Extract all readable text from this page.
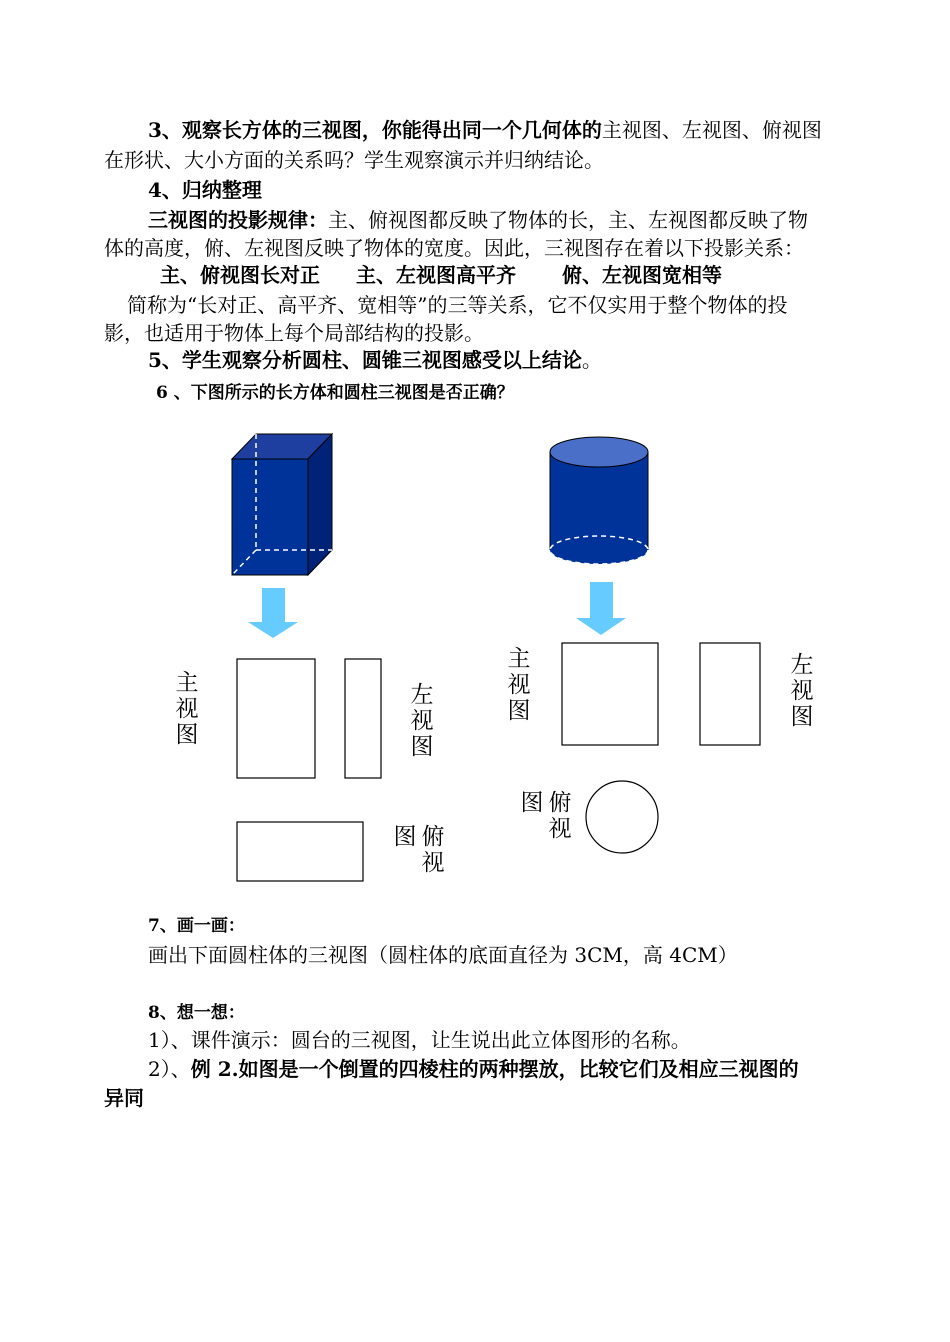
3、观察长方体的三视图，你能得出同一个几何体的主视图、左视图、俯视图
在形状、大小方面的关系吗？学生观察演示并归纳结论。
4、归纳整理
三视图的投影规律：主、俯视图都反映了物体的长，主、左视图都反映了物
体的高度，俯、左视图反映了物体的宽度。因此，三视图存在着以下投影关系：
主、俯视图长对正 主、左视图高平齐 俯、左视图宽相等
简称为“长对正、高平齐、宽相等”的三等关系，它不仅实用于整个物体的投
影，也适用于物体上每个局部结构的投影。
5、学生观察分析圆柱、圆锥三视图感受以上结论。
6 、下图所示的长方体和圆柱三视图是否正确？
主
视
图
左
视
图
图 俯
视
主
视
图
左
视
图
图 俯
视
7、画一画：
画出下面圆柱体的三视图（圆柱体的底面直径为 3CM，高 4CM）
8、想一想：
1）、课件演示：圆台的三视图，让生说出此立体图形的名称。
2）、例 2.如图是一个倒置的四棱柱的两种摆放，比较它们及相应三视图的
异同
